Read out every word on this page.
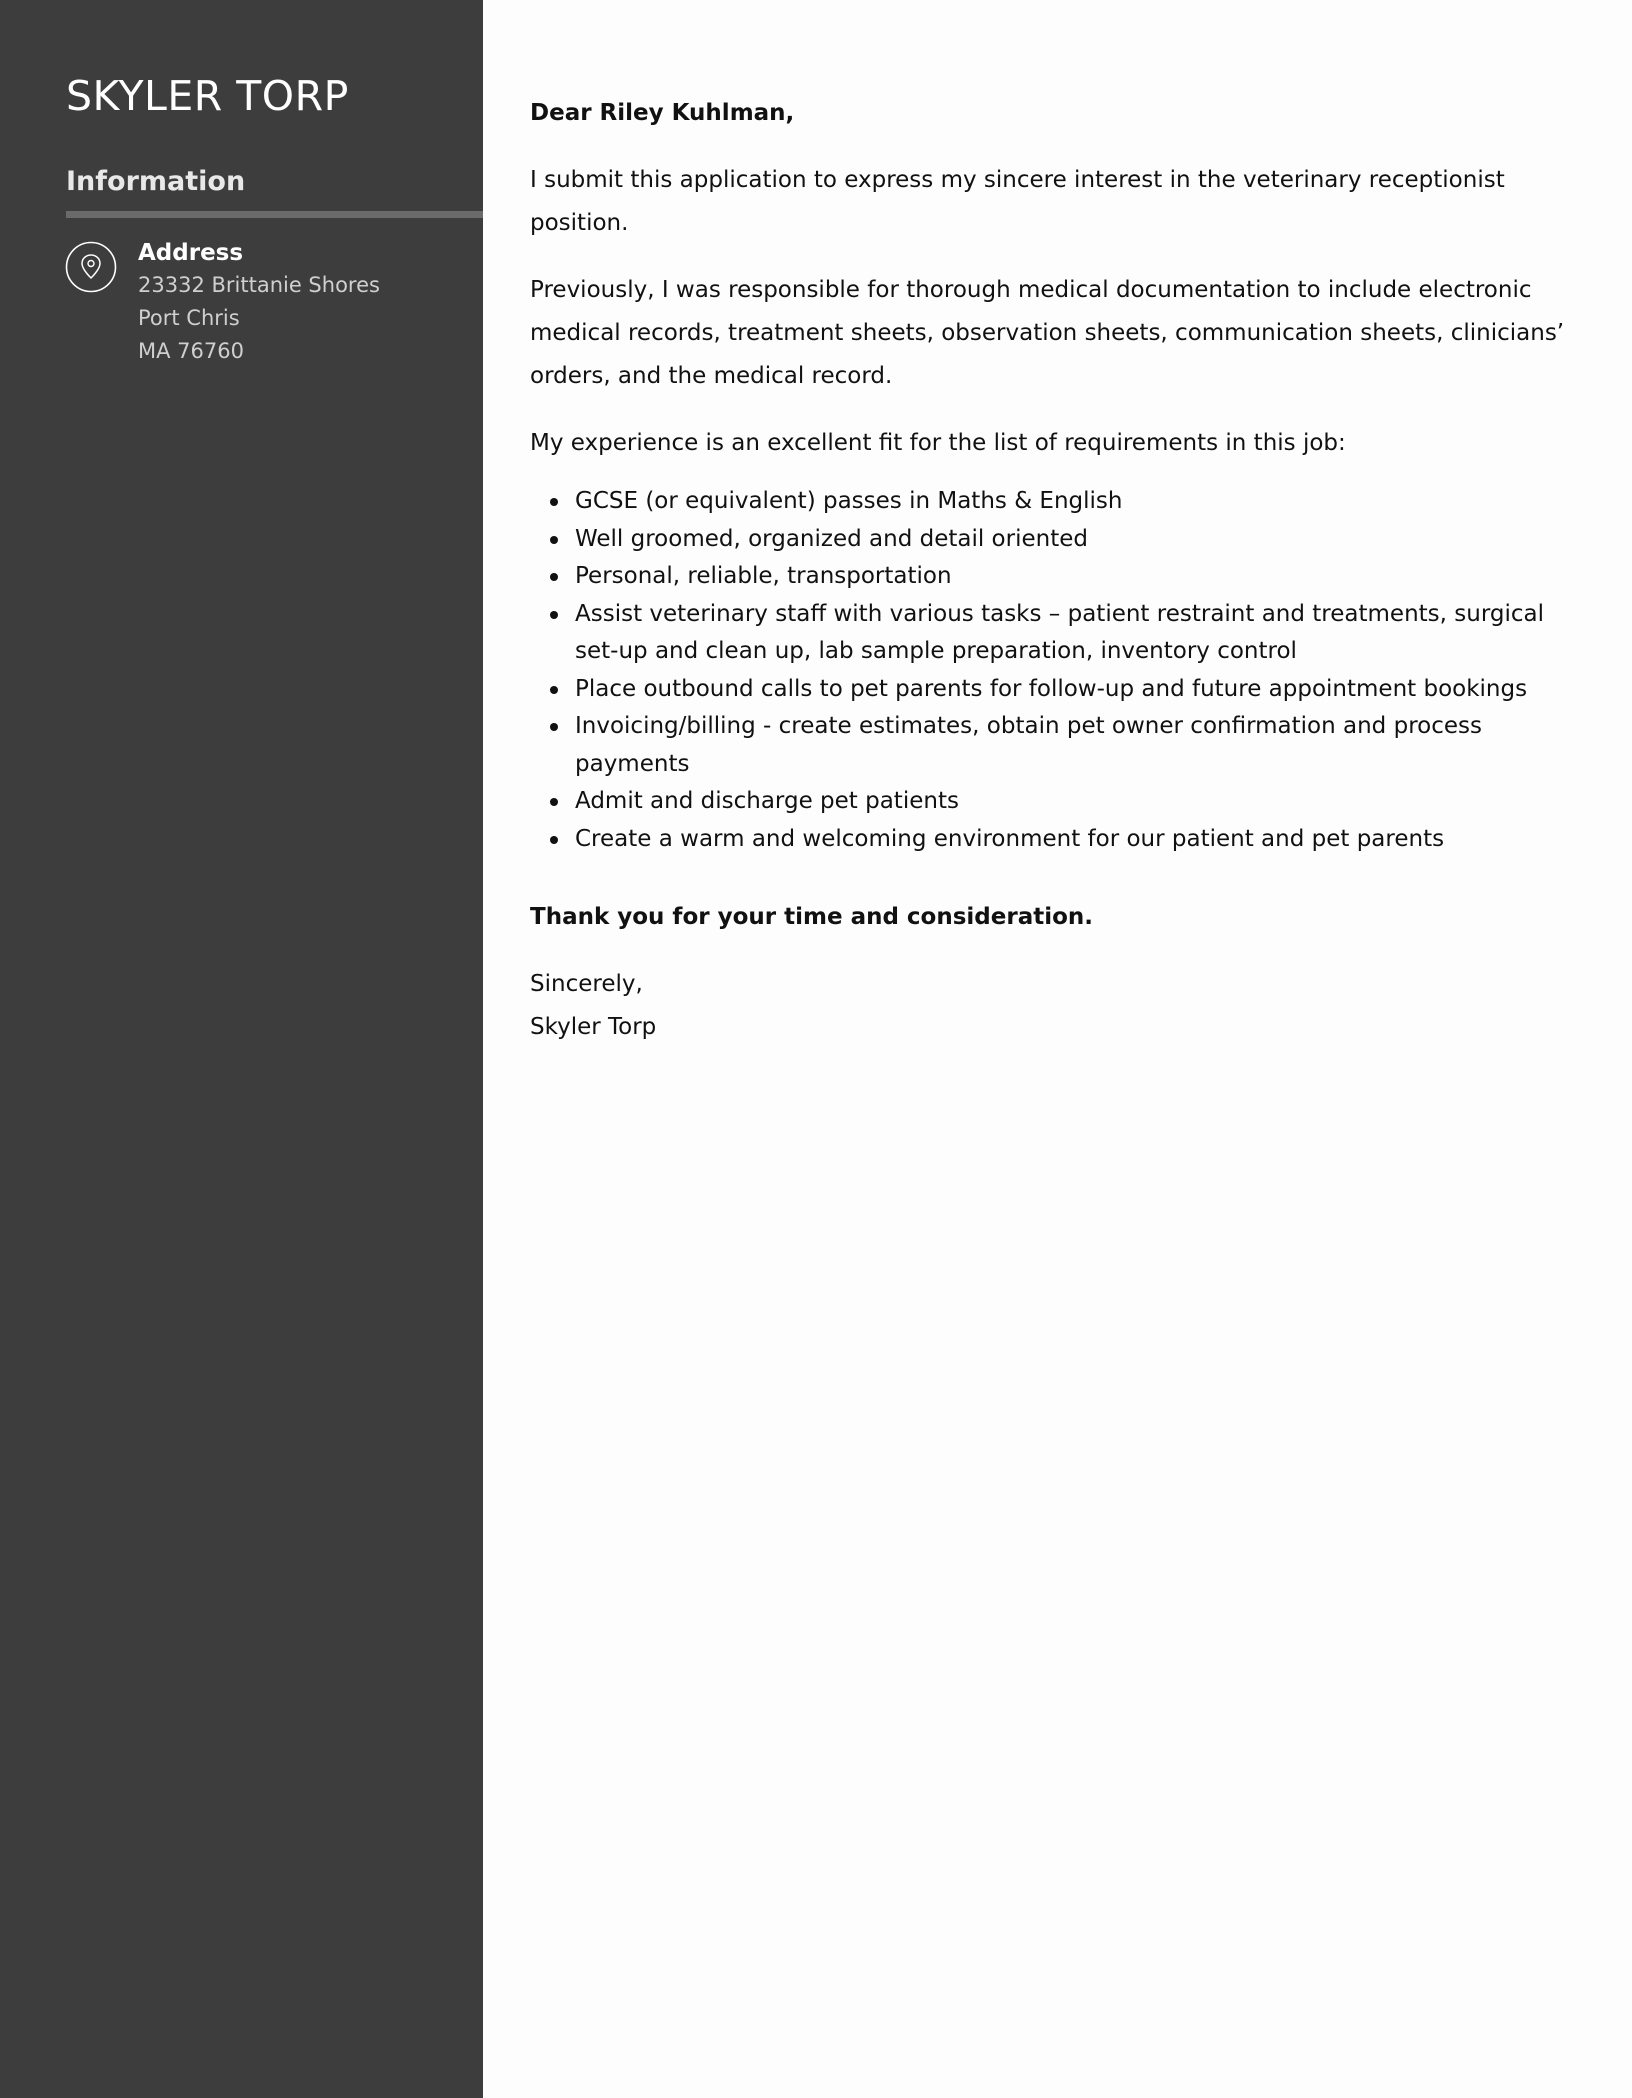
SKYLER TORP
Information
Address
23332 Brittanie Shores
Port Chris
MA 76760

Dear Riley Kuhlman,

I submit this application to express my sincere interest in the veterinary receptionist position.

Previously, I was responsible for thorough medical documentation to include electronic medical records, treatment sheets, observation sheets, communication sheets, clinicians’ orders, and the medical record.

My experience is an excellent fit for the list of requirements in this job:

GCSE (or equivalent) passes in Maths & English
Well groomed, organized and detail oriented
Personal, reliable, transportation
Assist veterinary staff with various tasks – patient restraint and treatments, surgical set-up and clean up, lab sample preparation, inventory control
Place outbound calls to pet parents for follow-up and future appointment bookings
Invoicing/billing - create estimates, obtain pet owner confirmation and process payments
Admit and discharge pet patients
Create a warm and welcoming environment for our patient and pet parents

Thank you for your time and consideration.

Sincerely,

Skyler Torp
